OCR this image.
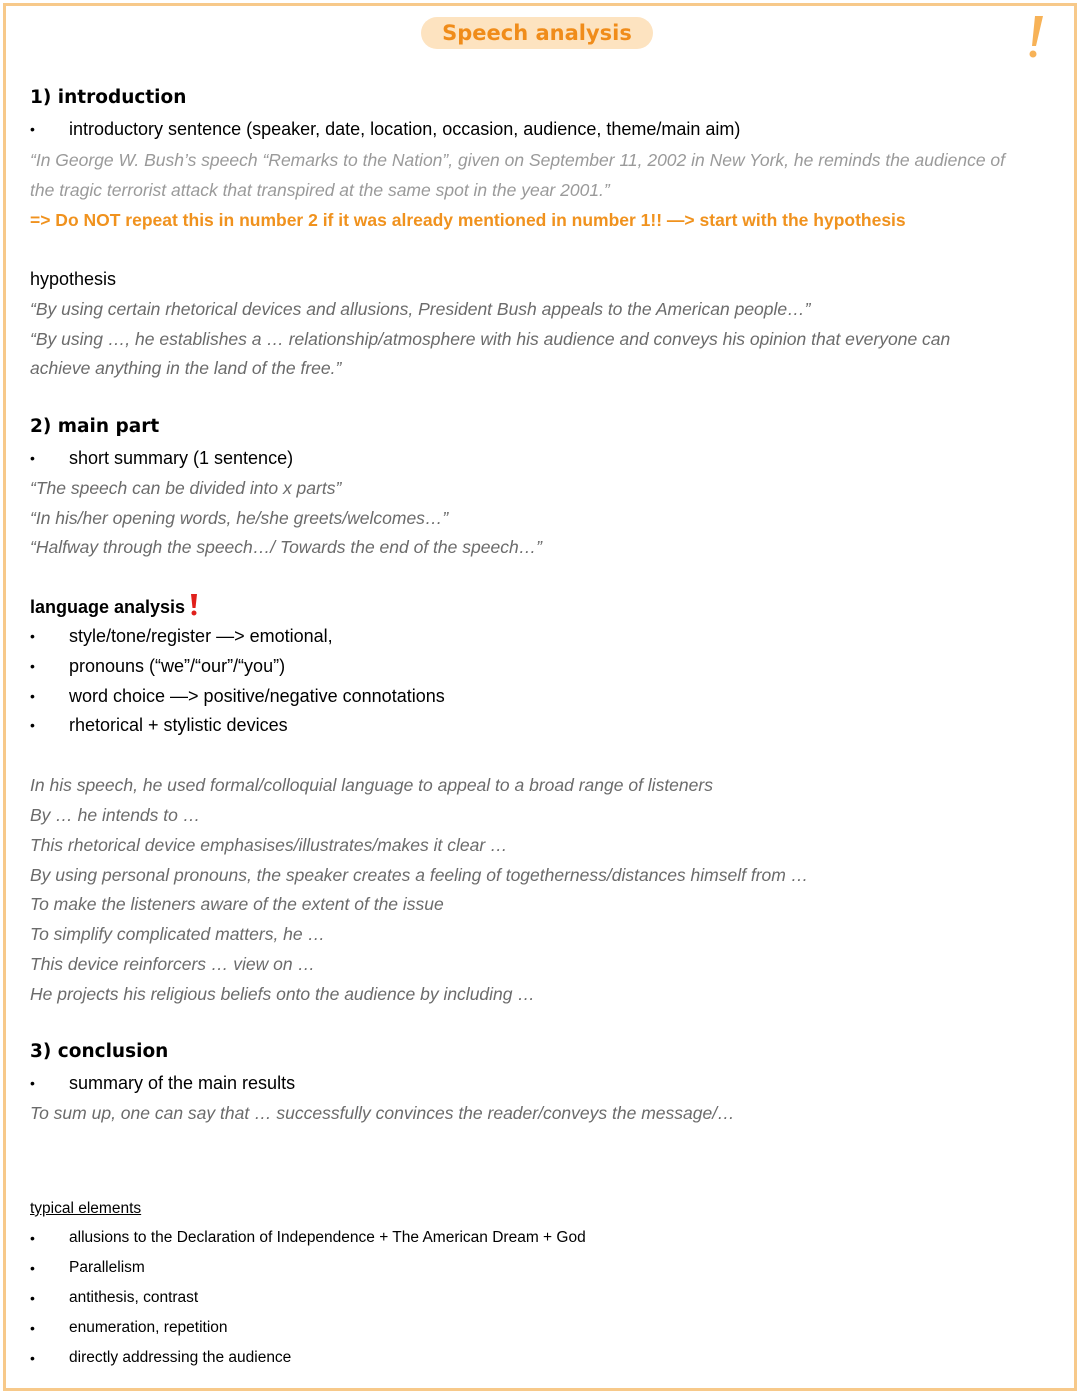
Speech analysis
1) introduction
• introductory sentence (speaker, date, location, occasion, audience, theme/main aim)
“In George W. Bush’s speech “Remarks to the Nation”, given on September 11, 2002 in New York, he reminds the audience of
the tragic terrorist attack that transpired at the same spot in the year 2001.”
=> Do NOT repeat this in number 2 if it was already mentioned in number 1!! —> start with the hypothesis
hypothesis
“By using certain rhetorical devices and allusions, President Bush appeals to the American people…”
“By using …, he establishes a … relationship/atmosphere with his audience and conveys his opinion that everyone can
achieve anything in the land of the free.”
2) main part
• short summary (1 sentence)
“The speech can be divided into x parts”
“In his/her opening words, he/she greets/welcomes…”
“Halfway through the speech…/ Towards the end of the speech…”
language analysis
• style/tone/register —> emotional,
• pronouns (“we”/“our”/“you”)
• word choice —> positive/negative connotations
• rhetorical + stylistic devices
In his speech, he used formal/colloquial language to appeal to a broad range of listeners
By … he intends to …
This rhetorical device emphasises/illustrates/makes it clear …
By using personal pronouns, the speaker creates a feeling of togetherness/distances himself from …
To make the listeners aware of the extent of the issue
To simplify complicated matters, he …
This device reinforcers … view on …
He projects his religious beliefs onto the audience by including …
3) conclusion
• summary of the main results
To sum up, one can say that … successfully convinces the reader/conveys the message/…
typical elements
• allusions to the Declaration of Independence + The American Dream + God
• Parallelism
• antithesis, contrast
• enumeration, repetition
• directly addressing the audience
